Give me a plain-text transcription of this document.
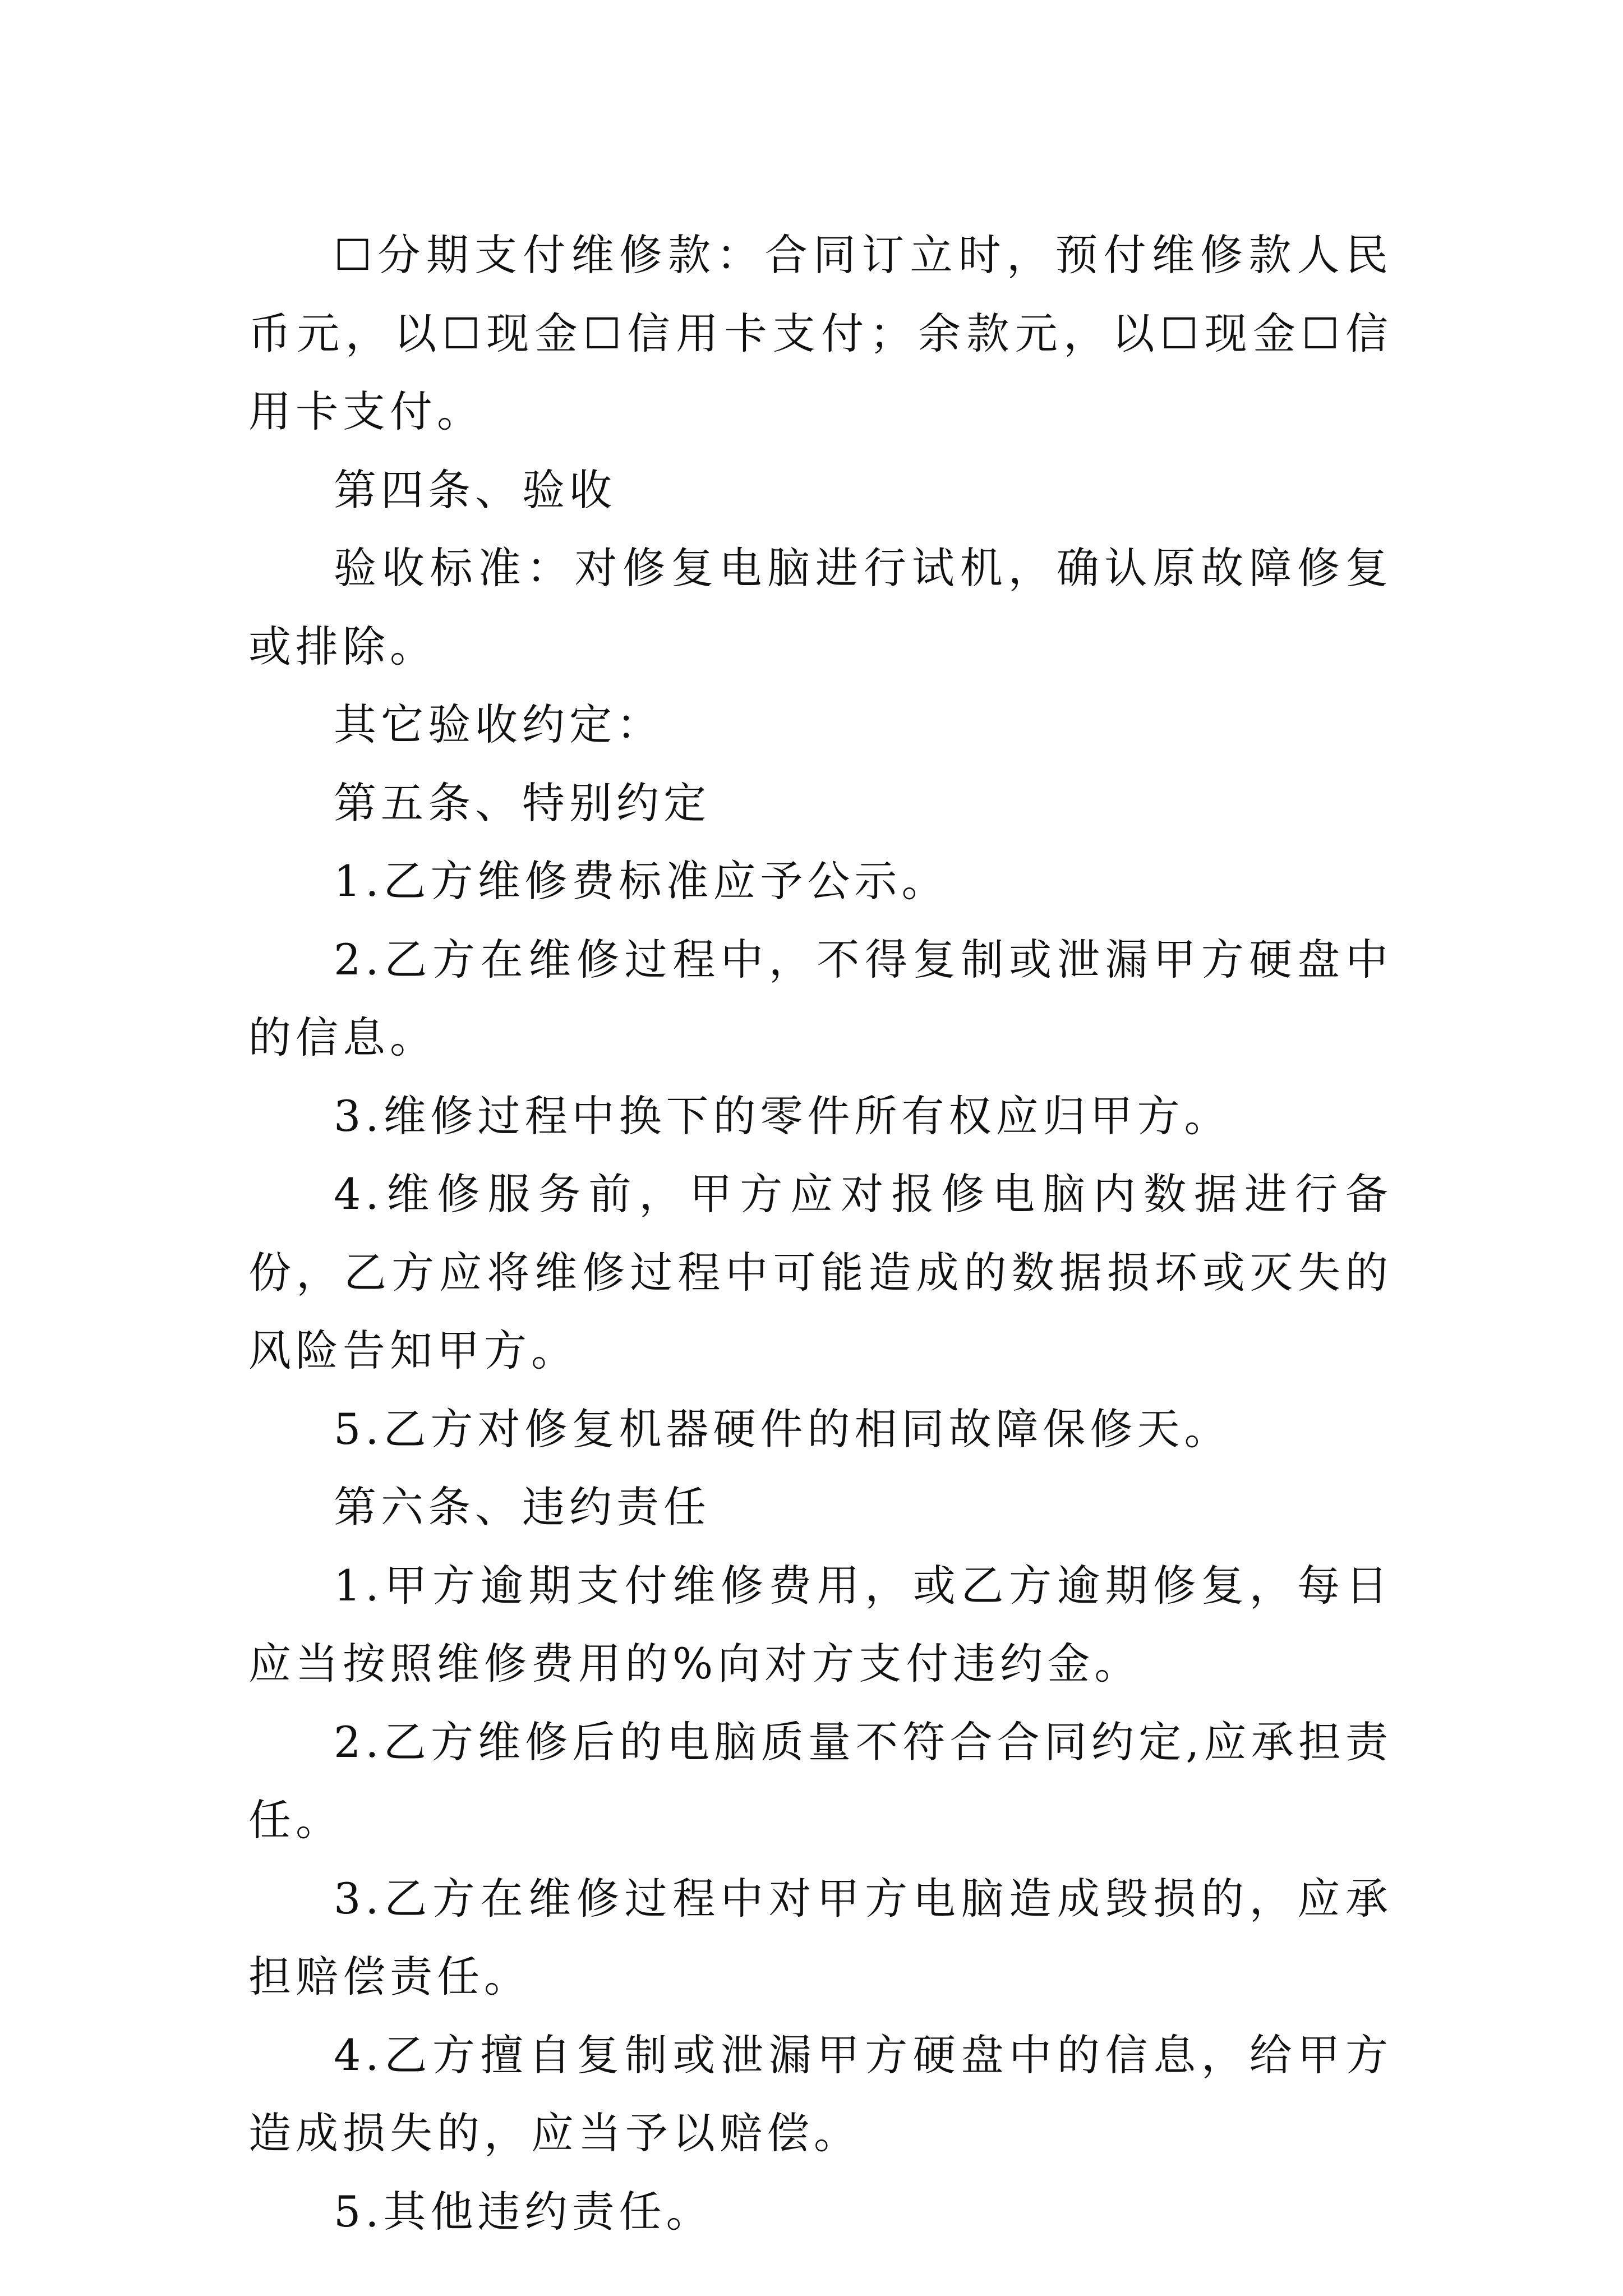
☐分期支付维修款：合同订立时，预付维修款人民币元，以☐现金☐信用卡支付；余款元，以☐现金☐信用卡支付。

第四条、验收

验收标准：对修复电脑进行试机，确认原故障修复或排除。

其它验收约定：

第五条、特别约定

1.乙方维修费标准应予公示。

2.乙方在维修过程中，不得复制或泄漏甲方硬盘中的信息。

3.维修过程中换下的零件所有权应归甲方。

4.维修服务前，甲方应对报修电脑内数据进行备份，乙方应将维修过程中可能造成的数据损坏或灭失的风险告知甲方。

5.乙方对修复机器硬件的相同故障保修天。

第六条、违约责任

1.甲方逾期支付维修费用，或乙方逾期修复，每日应当按照维修费用的%向对方支付违约金。

2.乙方维修后的电脑质量不符合合同约定,应承担责任。

3.乙方在维修过程中对甲方电脑造成毁损的，应承担赔偿责任。

4.乙方擅自复制或泄漏甲方硬盘中的信息，给甲方造成损失的，应当予以赔偿。

5.其他违约责任。
